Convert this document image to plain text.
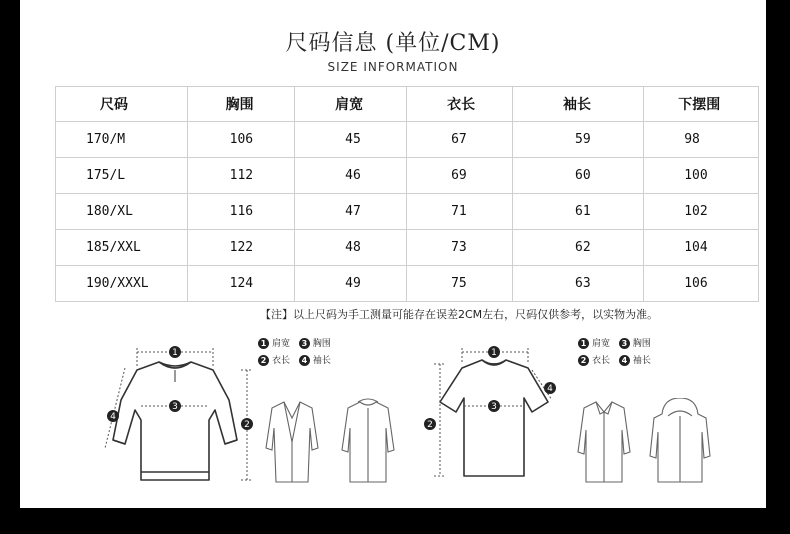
尺码信息 (单位/CM)
SIZE INFORMATION
尺码	胸围	肩宽	衣长	袖长	下摆围
170/M	106	45	67	59	98
175/L	112	46	69	60	100
180/XL	116	47	71	61	102
185/XXL	122	48	73	62	104
190/XXXL	124	49	75	63	106
【注】以上尺码为手工测量可能存在误差2CM左右，尺码仅供参考，以实物为准。
1
3
2
4
1 肩宽 3 胸围
2 衣长 4 袖长
1
3
2
4
1 肩宽 3 胸围
2 衣长 4 袖长
